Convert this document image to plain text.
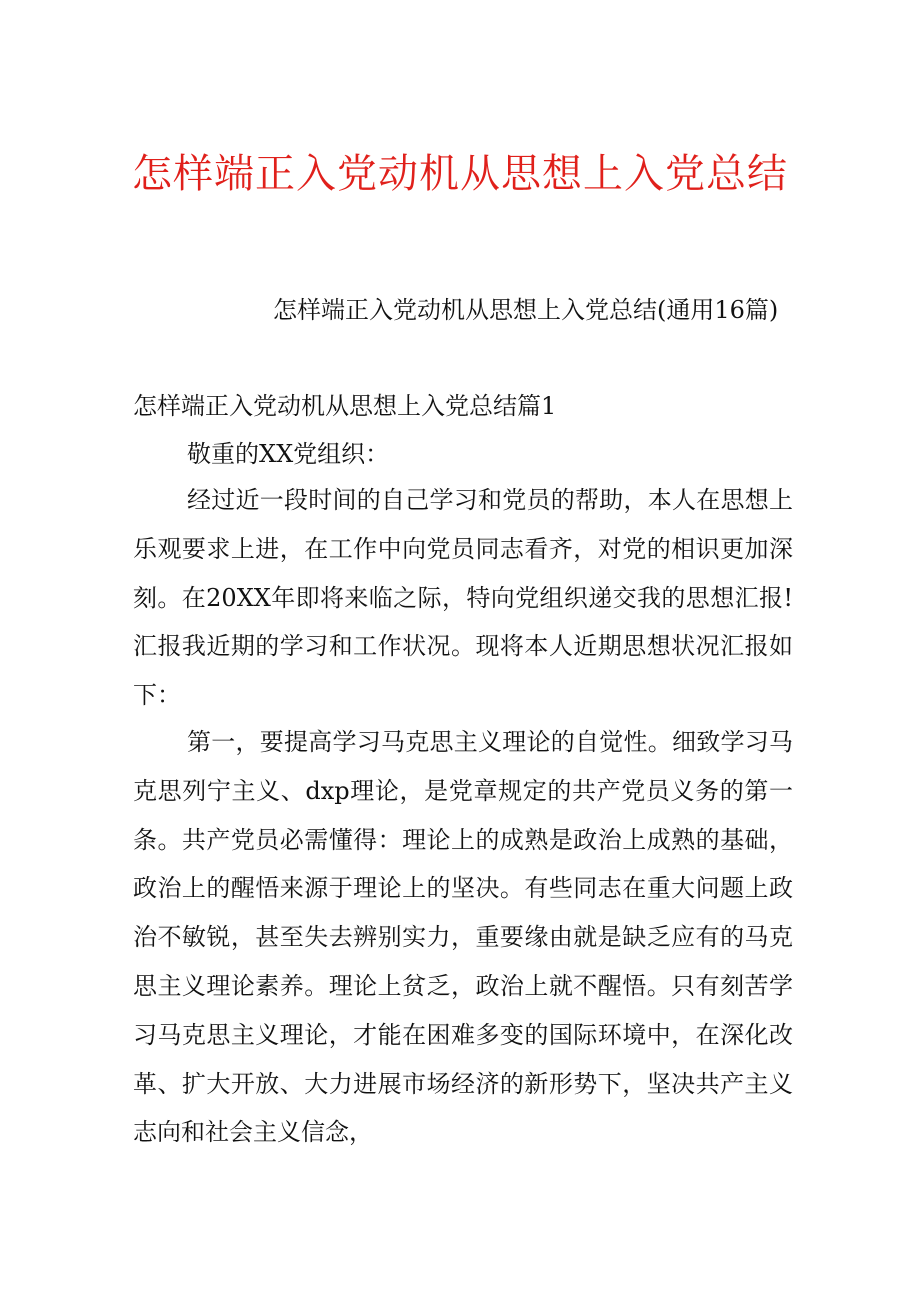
怎样端正入党动机从思想上入党总结

怎样端正入党动机从思想上入党总结(通用16篇)

怎样端正入党动机从思想上入党总结篇1

敬重的XX党组织：

经过近一段时间的自己学习和党员的帮助，本人在思想上乐观要求上进，在工作中向党员同志看齐，对党的相识更加深刻。在20XX年即将来临之际，特向党组织递交我的思想汇报!汇报我近期的学习和工作状况。现将本人近期思想状况汇报如下：

第一，要提高学习马克思主义理论的自觉性。细致学习马克思列宁主义、dxp理论，是党章规定的共产党员义务的第一条。共产党员必需懂得：理论上的成熟是政治上成熟的基础，政治上的醒悟来源于理论上的坚决。有些同志在重大问题上政治不敏锐，甚至失去辨别实力，重要缘由就是缺乏应有的马克思主义理论素养。理论上贫乏，政治上就不醒悟。只有刻苦学习马克思主义理论，才能在困难多变的国际环境中，在深化改革、扩大开放、大力进展市场经济的新形势下，坚决共产主义志向和社会主义信念，
